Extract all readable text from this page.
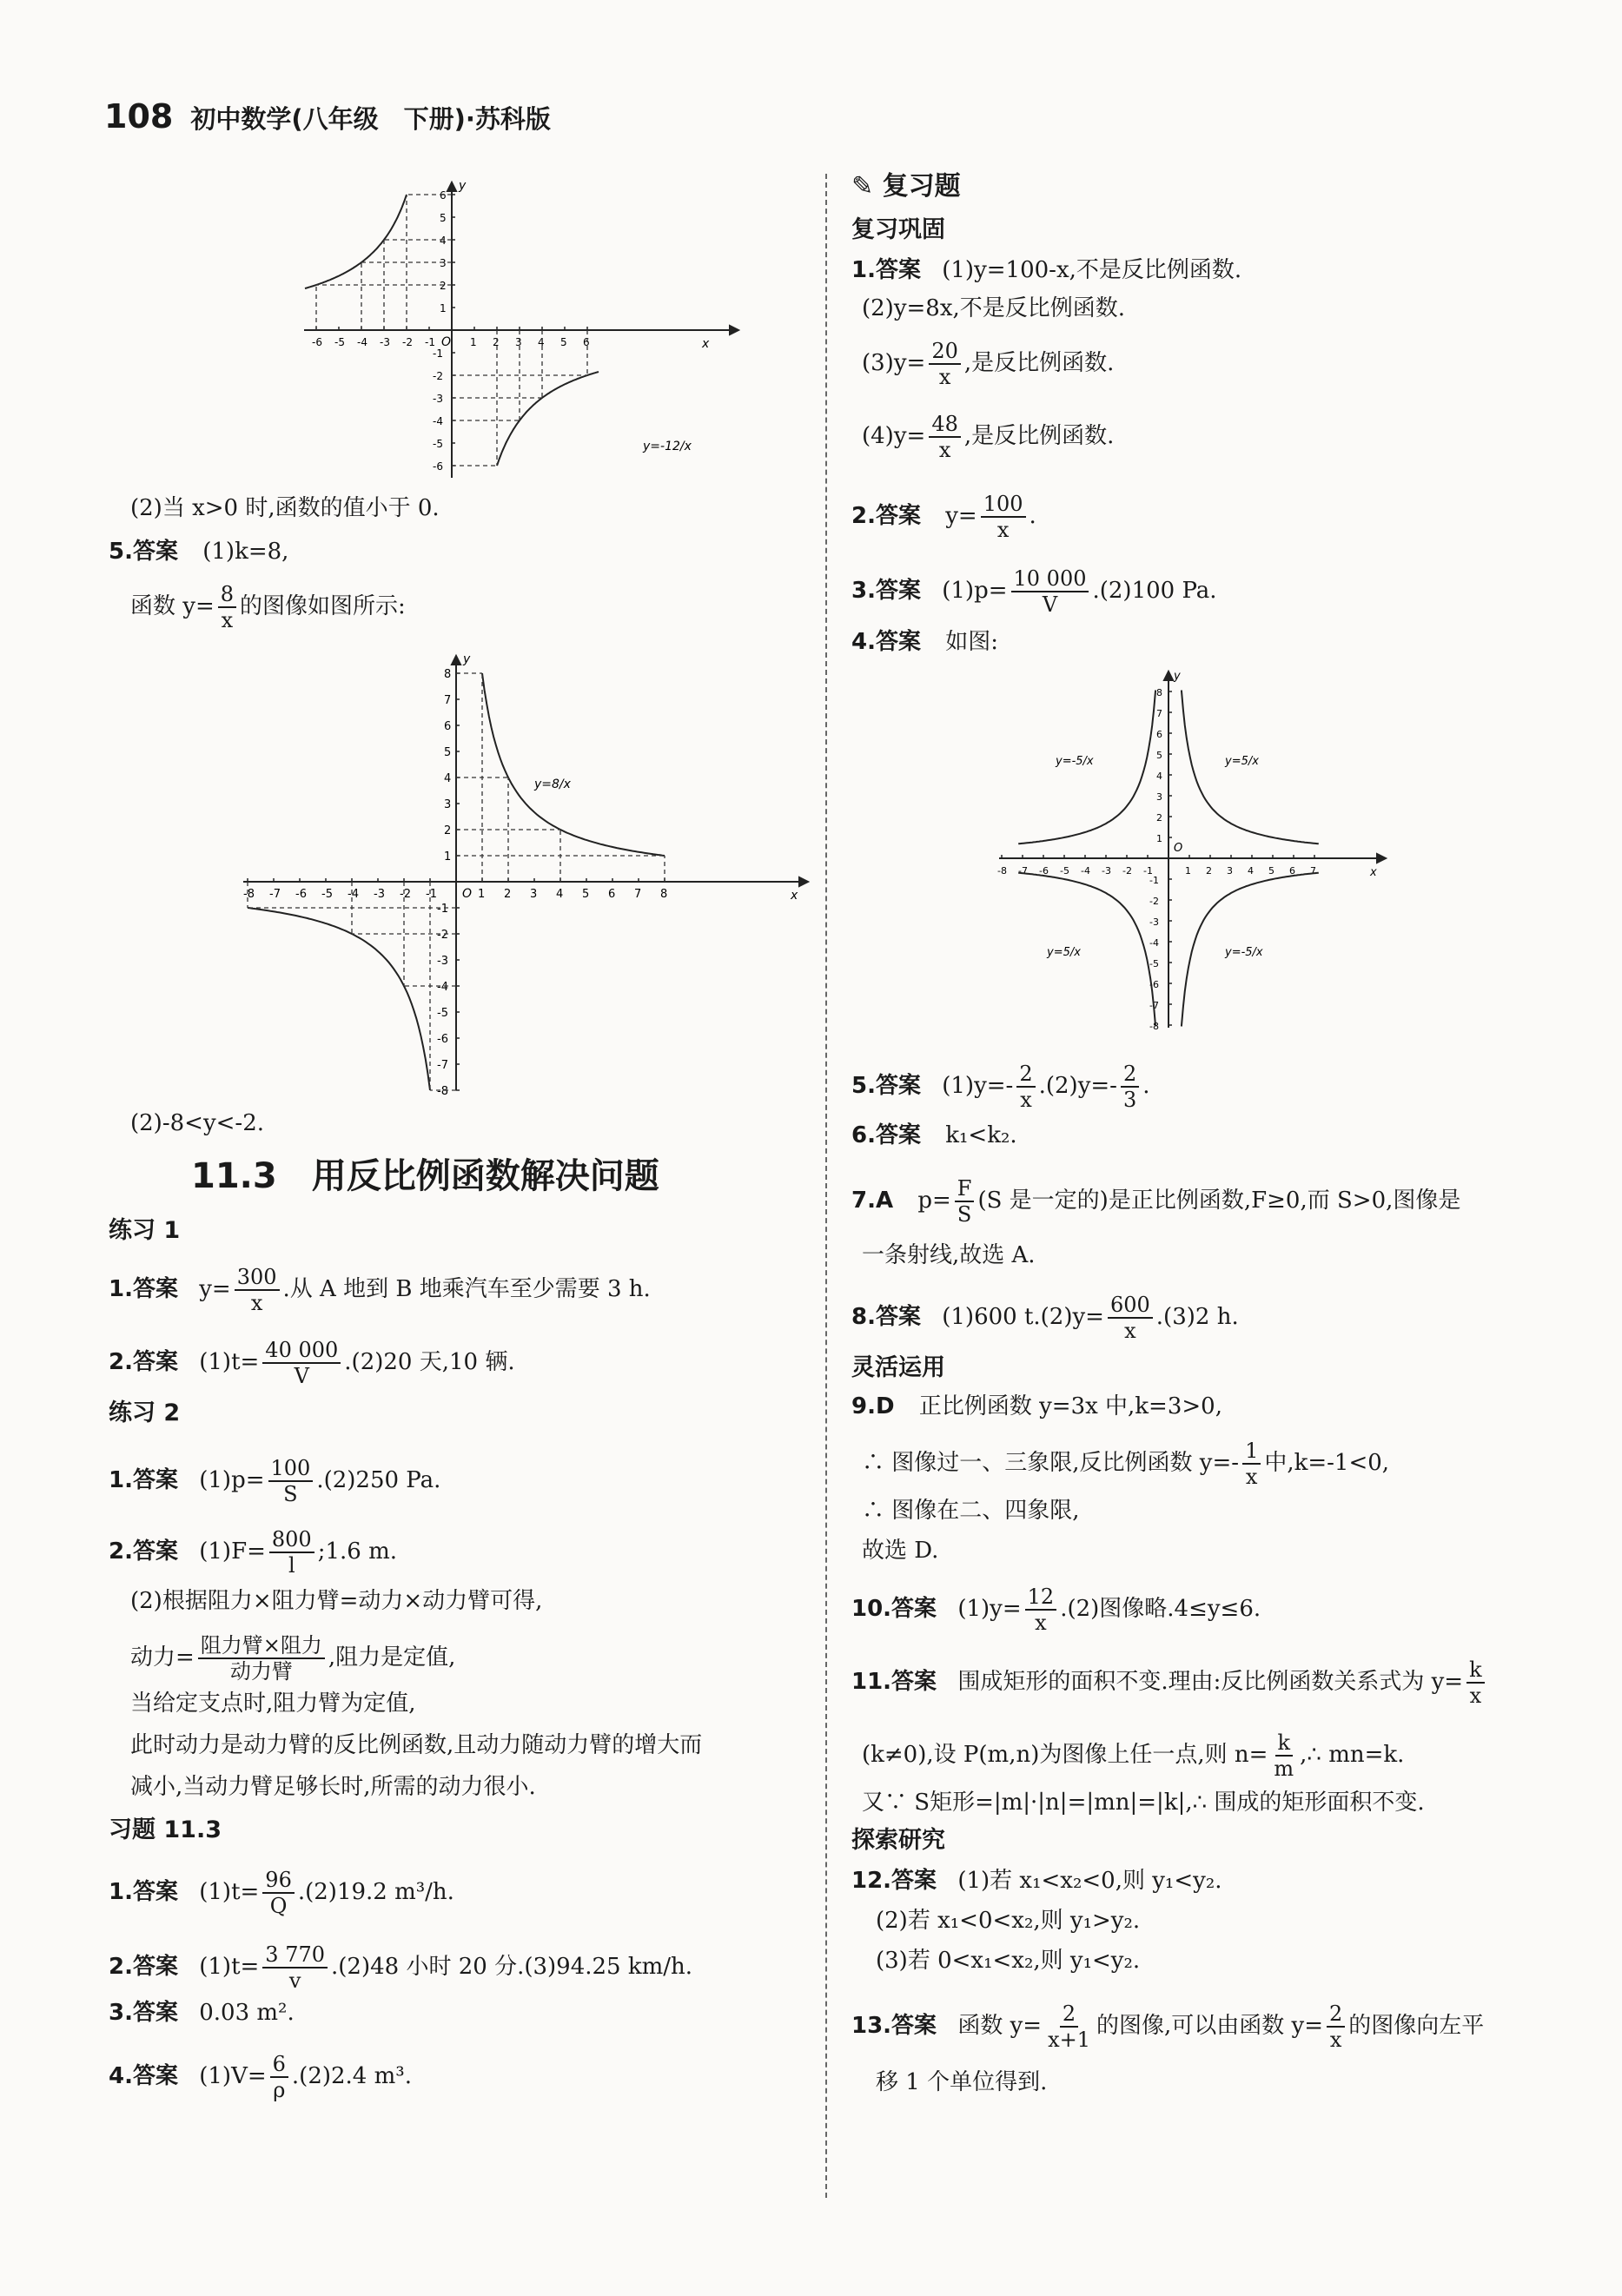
108 初中数学(八年级　下册)·苏科版
-6 -5 -4 -3 -2 -1	1 2 3 4 5 6
-6
-5
-4
-3
-2
-1
1
2
3
4
5
6
x
y
O
y=-12/x
(2)当 x>0 时,函数的值小于 0.
5.答案 (1)k=8,
函数 $y= \frac{8}{x}$ 的图像如图所示:
-8 -7 -6 -5 -4 -3 -2 -1	1 2 3 4 5 6 7 8
-8
-7
-6
-5
-4
-3
-2
-1
1
2
3
4
5
6
7
8
x
y
O
y=8/x
(2)-8<y<-2.
11.3　用反比例函数解决问题
练习 1
1.答案 $y= \frac{300}{x}$ .从 A 地到 B 地乘汽车至少需要 3 h.
2.答案 $(1)t= \frac{40 000}{V} .(2)20$ 天,10 辆.
练习 2
1.答案 $(1)p= \frac{100}{S} .(2)250$ Pa.
2.答案 $(1)F= \frac{800}{l}$ ;1.6 m.
(2)根据阻力×阻力臂=动力×动力臂可得,
动力= $\frac{\text{阻力臂×阻力}}{\text{动力臂}}$ ,阻力是定值,
当给定支点时,阻力臂为定值,
此时动力是动力臂的反比例函数,且动力随动力臂的增大而
减小,当动力臂足够长时,所需的动力很小.
习题 11.3
1.答案 $(1)t= \frac{96}{Q} .(2)19.2$ m³/h.
2.答案 $(1)t= \frac{3 770}{v} .(2)48$ 小时 20 分.(3)94.25 km/h.
3.答案 0.03 m².
4.答案 $(1)V= \frac{6}{\rho} .(2)2.4$ m³.
✎ 复习题
复习巩固
1.答案 (1)y=100-x,不是反比例函数.
(2)y=8x,不是反比例函数.
$(3)y= \frac{20}{x}$ ,是反比例函数.
$(4)y= \frac{48}{x}$ ,是反比例函数.
2.答案 $y= \frac{100}{x}$ .
3.答案 $(1)p= \frac{10 000}{V} .(2)100$ Pa.
4.答案 如图:
-8 -7 -6 -5 -4 -3 -2 -1	1 2 3 4 5 6 7
-8
-7
-6
-5
-4
-3
-2
-1
1
2
3
4
5
6
7
8
x
y
O
y=-5/x	y=5/x
y=5/x	y=-5/x
5.答案 $(1)y=- \frac{2}{x} .(2)y=- \frac{2}{3}$ .
6.答案 k₁<k₂.
7.A $p= \frac{F}{S} (S$ 是一定的)是正比例函数,F≥0,而 S>0,图像是
一条射线,故选 A.
8.答案 (1)600 $t.(2)y= \frac{600}{x} .(3)2$ h.
灵活运用
9.D 正比例函数 y=3x 中,k=3>0,
∴ 图像过一、三象限,反比例函数 $y=- \frac{1}{x}$ 中,k=-1<0,
∴ 图像在二、四象限,
故选 D.
10.答案 $(1)y= \frac{12}{x} .(2)$图像略.4≤y≤6.
11.答案 围成矩形的面积不变.理由:反比例函数关系式为 $y= \frac{k}{x}$
(k≠0),设 P(m,n)为图像上任一点,则 $n= \frac{k}{m}$ ,∴ mn=k.
又∵ S矩形=|m|·|n|=|mn|=|k|,∴ 围成的矩形面积不变.
探索研究
12.答案 (1)若 x₁<x₂<0,则 y₁<y₂.
(2)若 x₁<0<x₂,则 y₁>y₂.
(3)若 0<x₁<x₂,则 y₁<y₂.
13.答案 函数 $y= \frac{2}{x+1}$ 的图像,可以由函数 $y= \frac{2}{x}$ 的图像向左平
移 1 个单位得到.
